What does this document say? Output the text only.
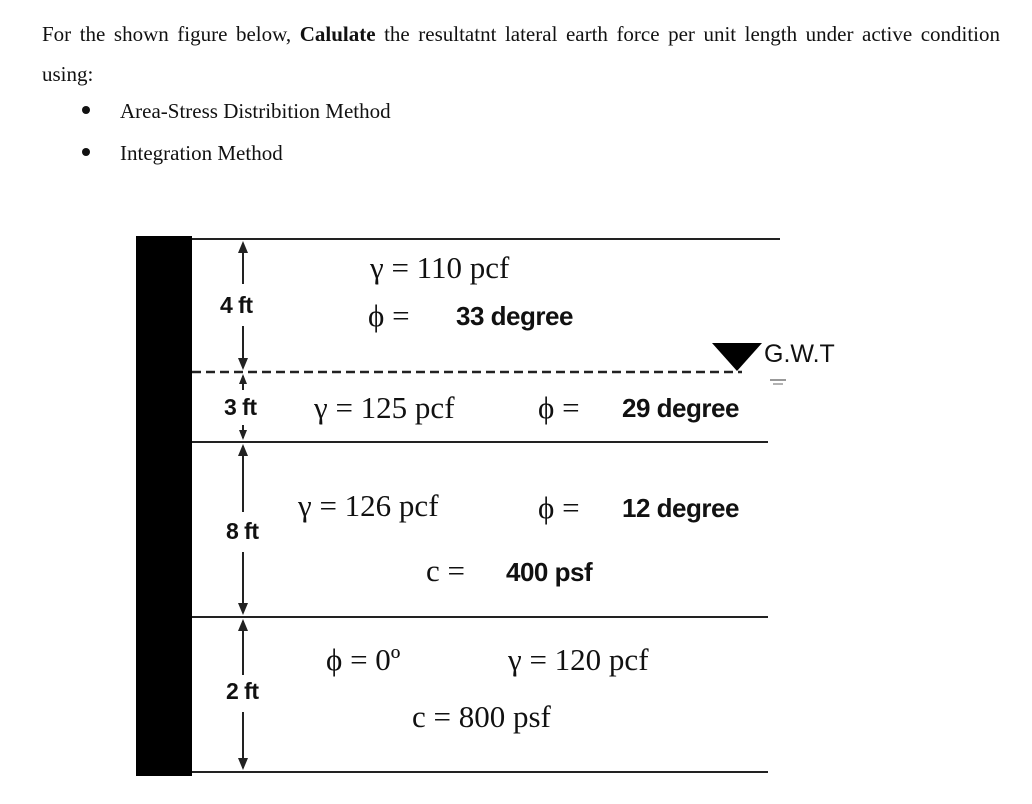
For the shown figure below, Calulate the resultatnt lateral earth force per unit length under active condition using:
Area-Stress Distribition Method
Integration Method
4 ft
3 ft
8 ft
2 ft
γ = 110 pcf
ϕ = 33 degree
G.W.T
γ = 125 pcf	ϕ = 29 degree
γ = 126 pcf	ϕ = 12 degree
c = 400 psf
ϕ = 0º	γ = 120 pcf
c = 800 psf
